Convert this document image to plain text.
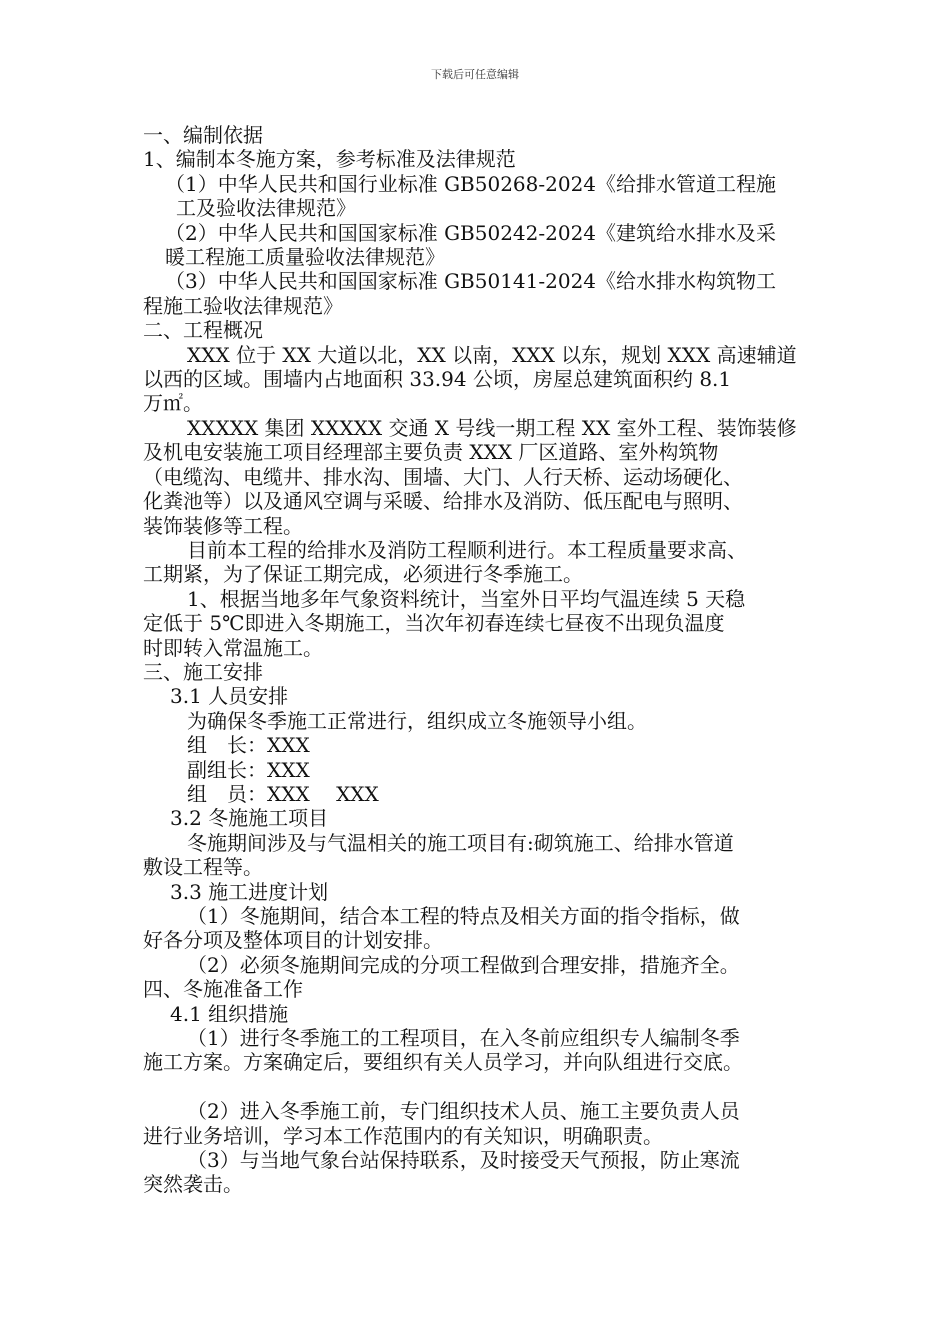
下载后可任意编辑

一、编制依据

1、编制本冬施方案，参考标准及法律规范

（1）中华人民共和国行业标准 GB50268-2024《给排水管道工程施

工及验收法律规范》

（2）中华人民共和国国家标准 GB50242-2024《建筑给水排水及采

暖工程施工质量验收法律规范》

（3）中华人民共和国国家标准 GB50141-2024《给水排水构筑物工

程施工验收法律规范》

二、工程概况

XXX 位于 XX 大道以北，XX 以南，XXX 以东，规划 XXX 高速辅道

以西的区域。围墙内占地面积 33.94 公顷，房屋总建筑面积约 8.1

万㎡。

XXXXX 集团 XXXXX 交通 X 号线一期工程 XX 室外工程、装饰装修

及机电安装施工项目经理部主要负责 XXX 厂区道路、室外构筑物

（电缆沟、电缆井、排水沟、围墙、大门、人行天桥、运动场硬化、

化粪池等）以及通风空调与采暖、给排水及消防、低压配电与照明、

装饰装修等工程。

目前本工程的给排水及消防工程顺利进行。本工程质量要求高、

工期紧，为了保证工期完成，必须进行冬季施工。

1、根据当地多年气象资料统计，当室外日平均气温连续 5 天稳

定低于 5℃即进入冬期施工，当次年初春连续七昼夜不出现负温度

时即转入常温施工。

三、施工安排

3.1 人员安排

为确保冬季施工正常进行，组织成立冬施领导小组。

组　长：XXX

副组长：XXX

组　员：XXX　 XXX

3.2 冬施施工项目

冬施期间涉及与气温相关的施工项目有:砌筑施工、给排水管道

敷设工程等。

3.3 施工进度计划

（1）冬施期间，结合本工程的特点及相关方面的指令指标，做

好各分项及整体项目的计划安排。

（2）必须冬施期间完成的分项工程做到合理安排，措施齐全。

四、冬施准备工作

4.1 组织措施

（1）进行冬季施工的工程项目，在入冬前应组织专人编制冬季

施工方案。方案确定后，要组织有关人员学习，并向队组进行交底。

（2）进入冬季施工前，专门组织技术人员、施工主要负责人员

进行业务培训，学习本工作范围内的有关知识，明确职责。

（3）与当地气象台站保持联系，及时接受天气预报，防止寒流

突然袭击。
